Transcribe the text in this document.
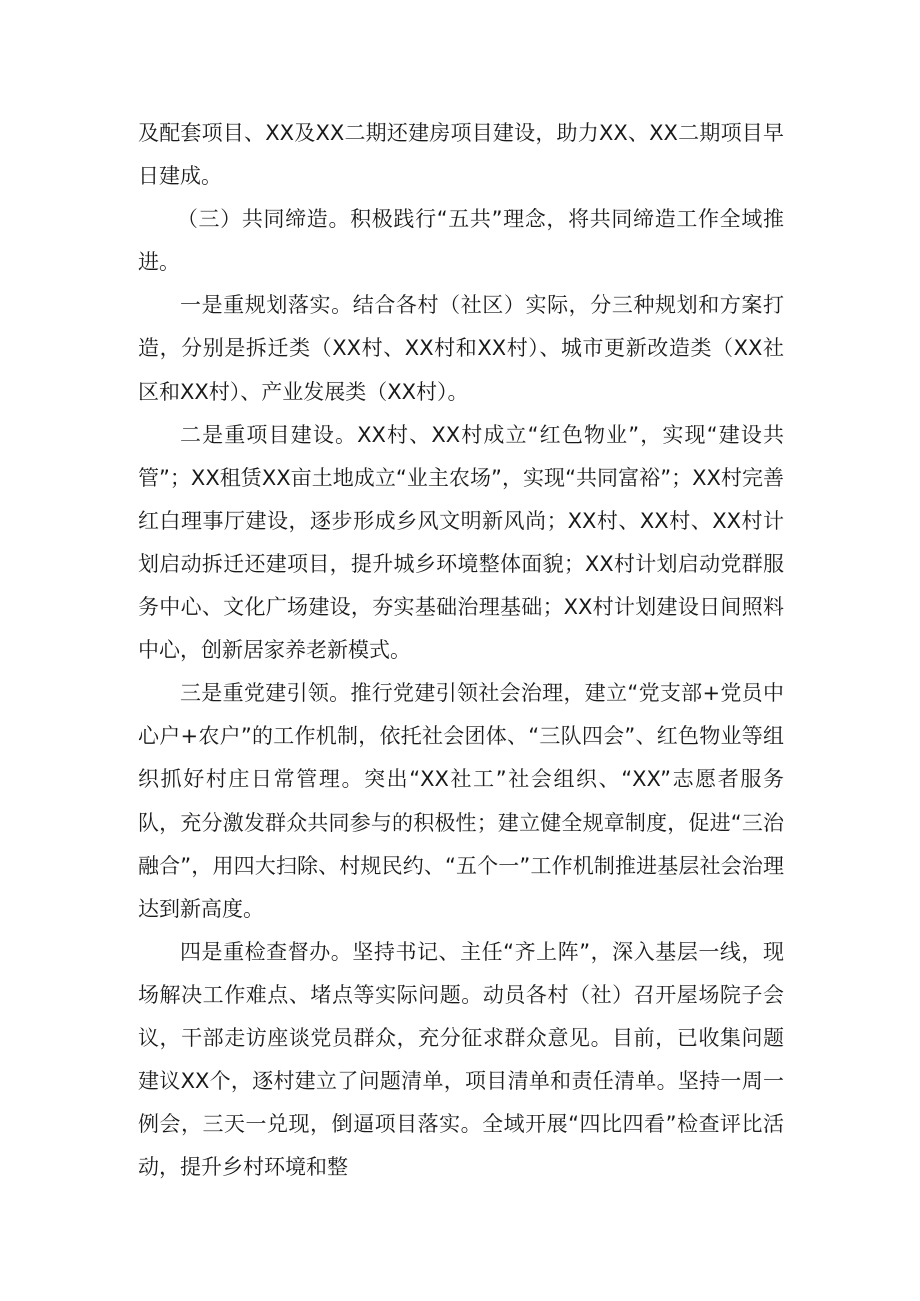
及配套项目、XX及XX二期还建房项目建设，助力XX、XX二期项目早日建成。

（三）共同缔造。积极践行“五共”理念，将共同缔造工作全域推进。

一是重规划落实。结合各村（社区）实际，分三种规划和方案打造，分别是拆迁类（XX村、XX村和XX村）、城市更新改造类（XX社区和XX村）、产业发展类（XX村）。

二是重项目建设。XX村、XX村成立“红色物业”，实现“建设共管”；XX租赁XX亩土地成立“业主农场”，实现“共同富裕”；XX村完善红白理事厅建设，逐步形成乡风文明新风尚；XX村、XX村、XX村计划启动拆迁还建项目，提升城乡环境整体面貌；XX村计划启动党群服务中心、文化广场建设，夯实基础治理基础；XX村计划建设日间照料中心，创新居家养老新模式。

三是重党建引领。推行党建引领社会治理，建立“党支部+党员中心户+农户”的工作机制，依托社会团体、“三队四会”、红色物业等组织抓好村庄日常管理。突出“XX社工”社会组织、“XX”志愿者服务队，充分激发群众共同参与的积极性；建立健全规章制度，促进“三治融合”，用四大扫除、村规民约、“五个一”工作机制推进基层社会治理达到新高度。

四是重检查督办。坚持书记、主任“齐上阵”，深入基层一线，现场解决工作难点、堵点等实际问题。动员各村（社）召开屋场院子会议，干部走访座谈党员群众，充分征求群众意见。目前，已收集问题建议XX个，逐村建立了问题清单，项目清单和责任清单。坚持一周一例会，三天一兑现，倒逼项目落实。全域开展“四比四看”检查评比活动，提升乡村环境和整
